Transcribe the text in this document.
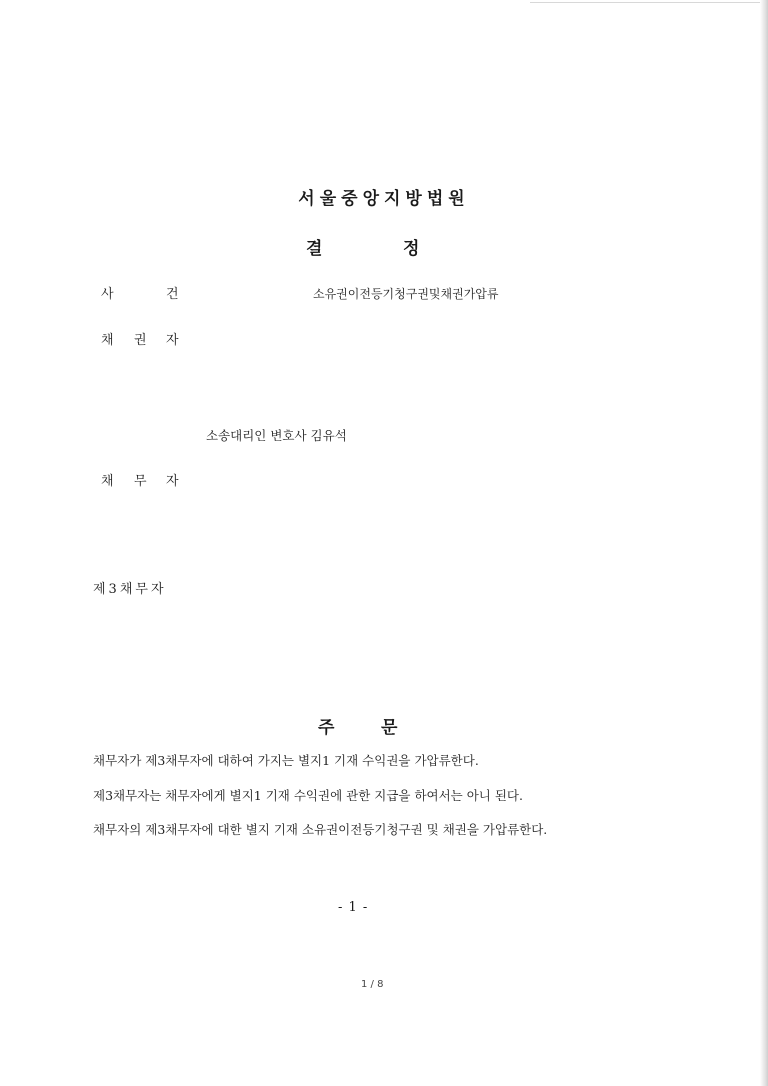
서울중앙지방법원
결	정
사	건	소유권이전등기청구권및채권가압류
채 권 자
소송대리인 변호사 김유석
채 무 자
제3채무자
주	문
채무자가 제3채무자에 대하여 가지는 별지1 기재 수익권을 가압류한다.
제3채무자는 채무자에게 별지1 기재 수익권에 관한 지급을 하여서는 아니 된다.
채무자의 제3채무자에 대한 별지 기재 소유권이전등기청구권 및 채권을 가압류한다.
- 1 -
1 / 8
